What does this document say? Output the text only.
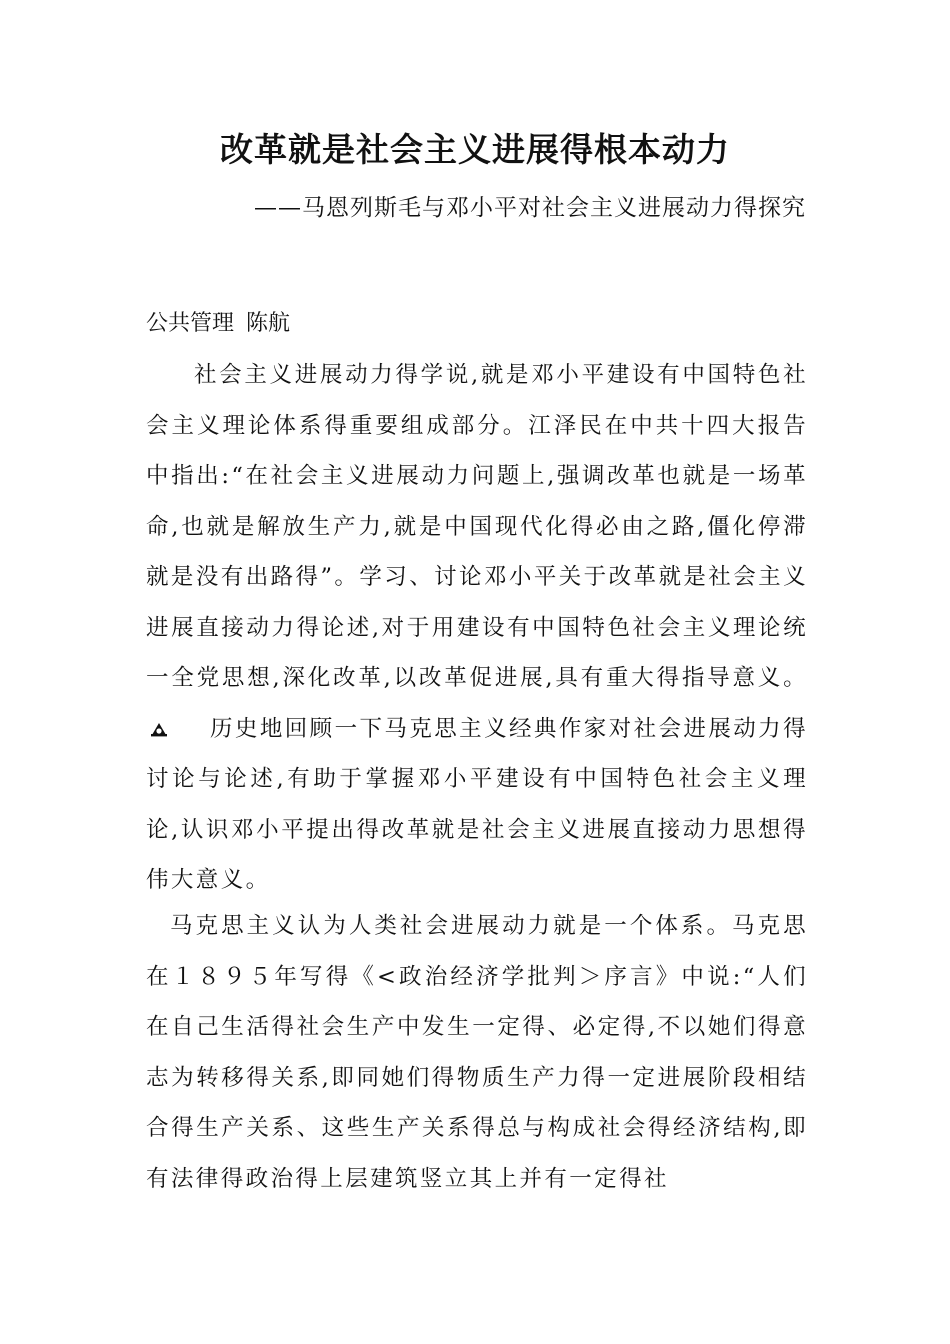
改革就是社会主义进展得根本动力
——马恩列斯毛与邓小平对社会主义进展动力得探究
公共管理 陈航
社会主义进展动力得学说,就是邓小平建设有中国特色社会主义理论体系得重要组成部分。江泽民在中共十四大报告中指出:“在社会主义进展动力问题上,强调改革也就是一场革命,也就是解放生产力,就是中国现代化得必由之路,僵化停滞就是没有出路得”。学习、讨论邓小平关于改革就是社会主义进展直接动力得论述,对于用建设有中国特色社会主义理论统一全党思想,深化改革,以改革促进展,具有重大得指导意义。历史地回顾一下马克思主义经典作家对社会进展动力得讨论与论述,有助于掌握邓小平建设有中国特色社会主义理论,认识邓小平提出得改革就是社会主义进展直接动力思想得伟大意义。
马克思主义认为人类社会进展动力就是一个体系。马克思在１８９５年写得《<政治经济学批判＞序言》中说:“人们在自己生活得社会生产中发生一定得、必定得,不以她们得意志为转移得关系,即同她们得物质生产力得一定进展阶段相结合得生产关系、这些生产关系得总与构成社会得经济结构,即有法律得政治得上层建筑竖立其上并有一定得社
